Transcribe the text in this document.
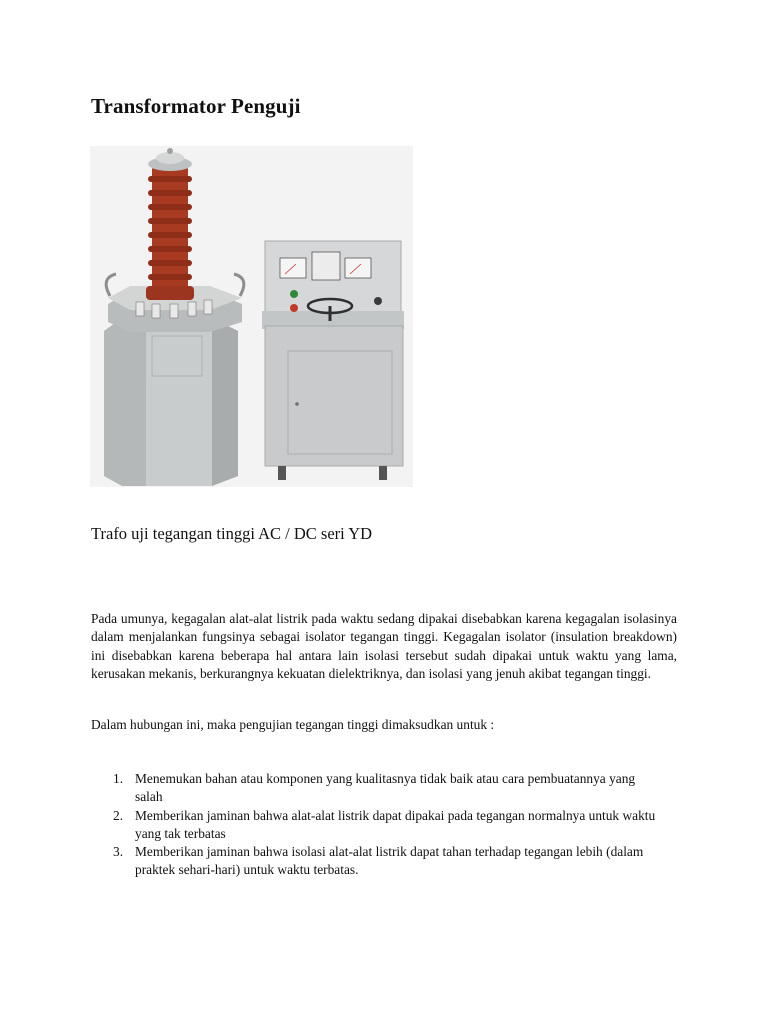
Transformator Penguji

Trafo uji tegangan tinggi AC / DC seri YD

Pada umunya, kegagalan alat-alat listrik pada waktu sedang dipakai disebabkan karena kegagalan isolasinya dalam menjalankan fungsinya sebagai isolator tegangan tinggi. Kegagalan isolator (insulation breakdown) ini disebabkan karena beberapa hal antara lain isolasi tersebut sudah dipakai untuk waktu yang lama, kerusakan mekanis, berkurangnya kekuatan dielektriknya, dan isolasi yang jenuh akibat tegangan tinggi.

Dalam hubungan ini, maka pengujian tegangan tinggi dimaksudkan untuk :

1. Menemukan bahan atau komponen yang kualitasnya tidak baik atau cara pembuatannya yang salah
2. Memberikan jaminan bahwa alat-alat listrik dapat dipakai pada tegangan normalnya untuk waktu yang tak terbatas
3. Memberikan jaminan bahwa isolasi alat-alat listrik dapat tahan terhadap tegangan lebih (dalam praktek sehari-hari) untuk waktu terbatas.
